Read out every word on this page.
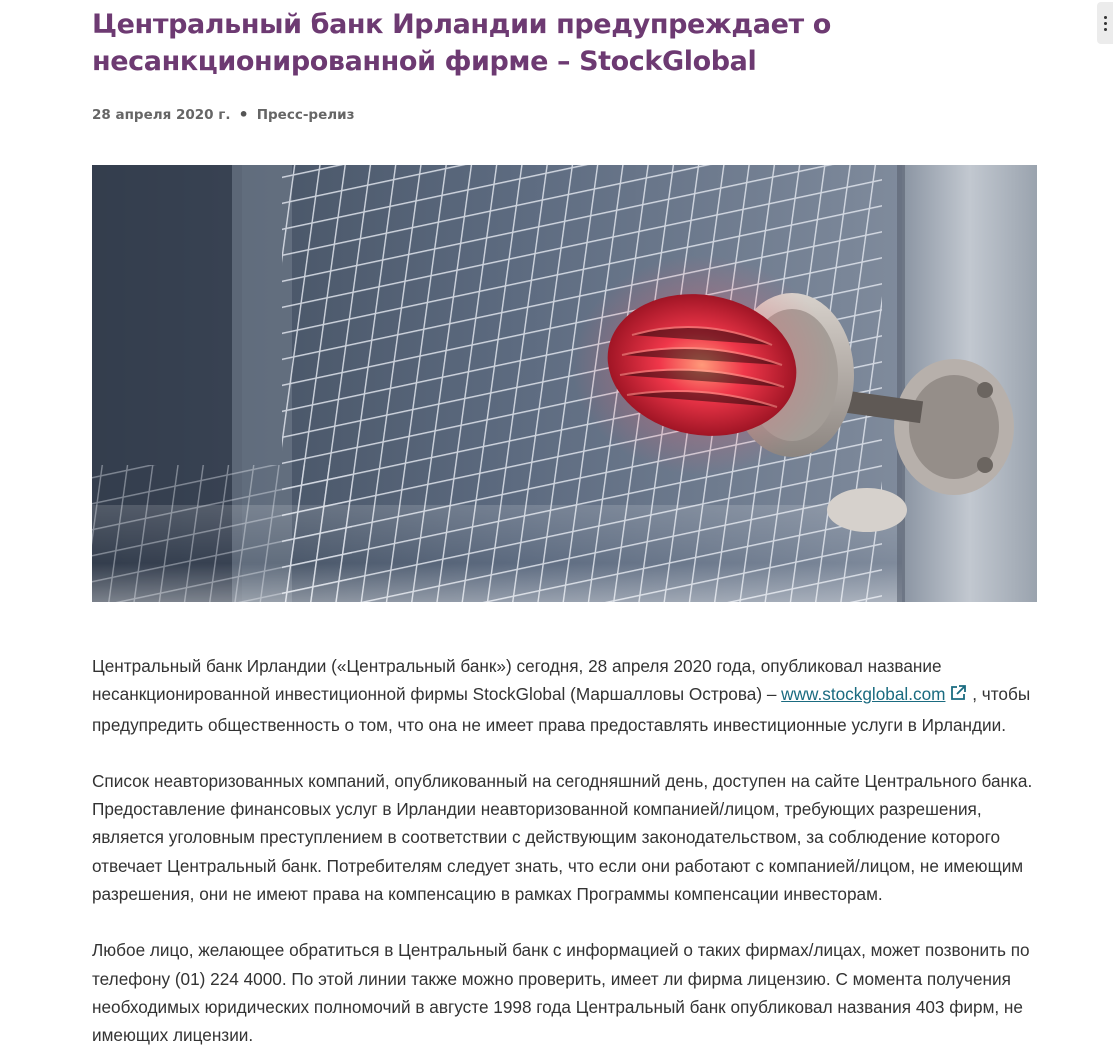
Центральный банк Ирландии предупреждает о несанкционированной фирме – StockGlobal
28 апреля 2020 г. • Пресс-релиз

Центральный банк Ирландии («Центральный банк») сегодня, 28 апреля 2020 года, опубликовал название несанкционированной инвестиционной фирмы StockGlobal (Маршалловы Острова) – www.stockglobal.com , чтобы предупредить общественность о том, что она не имеет права предоставлять инвестиционные услуги в Ирландии.

Список неавторизованных компаний, опубликованный на сегодняшний день, доступен на сайте Центрального банка. Предоставление финансовых услуг в Ирландии неавторизованной компанией/лицом, требующих разрешения, является уголовным преступлением в соответствии с действующим законодательством, за соблюдение которого отвечает Центральный банк. Потребителям следует знать, что если они работают с компанией/лицом, не имеющим разрешения, они не имеют права на компенсацию в рамках Программы компенсации инвесторам.

Любое лицо, желающее обратиться в Центральный банк с информацией о таких фирмах/лицах, может позвонить по телефону (01) 224 4000. По этой линии также можно проверить, имеет ли фирма лицензию. С момента получения необходимых юридических полномочий в августе 1998 года Центральный банк опубликовал названия 403 фирм, не имеющих лицензии.
